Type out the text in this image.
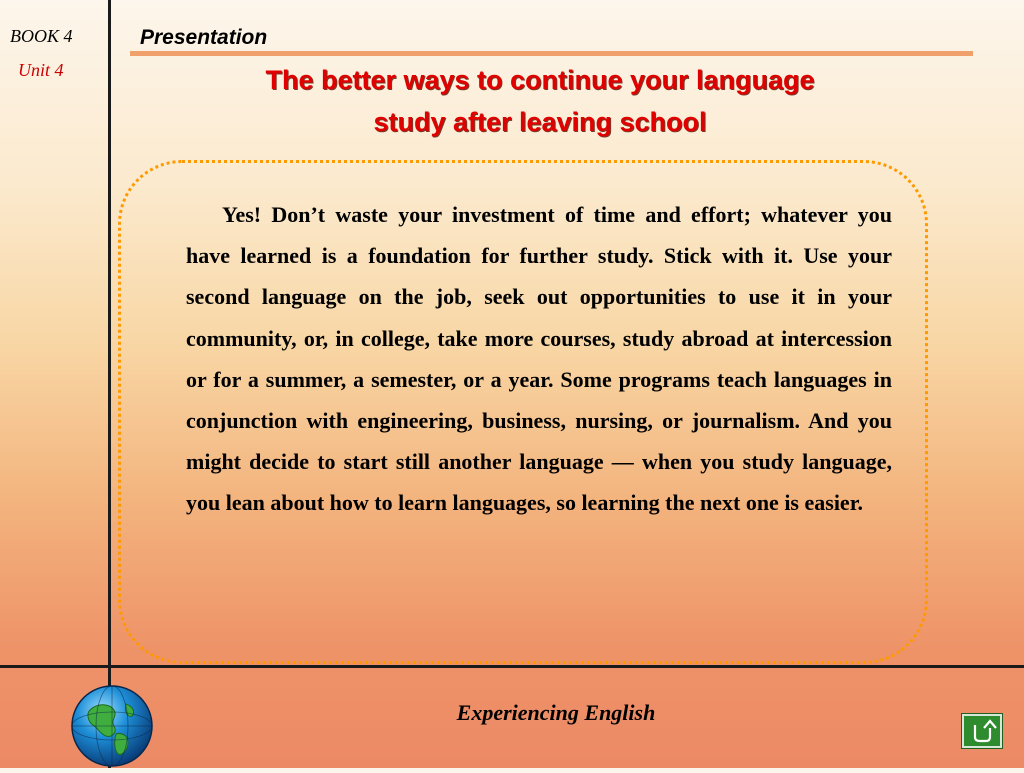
BOOK 4
Unit 4
Presentation
The better ways to continue your language
study after leaving school

Yes! Don’t waste your investment of time and effort; whatever you have learned is a foundation for further study. Stick with it. Use your second language on the job, seek out opportunities to use it in your community, or, in college, take more courses, study abroad at intercession or for a summer, a semester, or a year. Some programs teach languages in conjunction with engineering, business, nursing, or journalism. And you might decide to start still another language — when you study language, you lean about how to learn languages, so learning the next one is easier.

Experiencing English
